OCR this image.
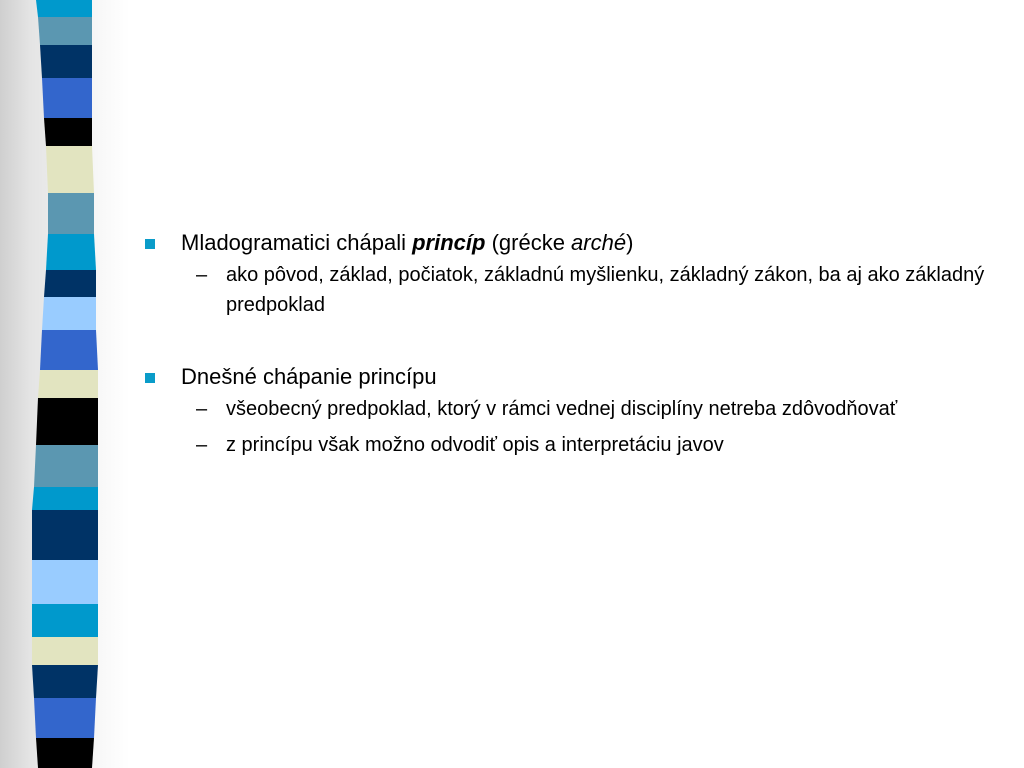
Mladogramatici chápali princíp (grécke arché)
– ako pôvod, základ, počiatok, základnú myšlienku, základný zákon, ba aj ako základný predpoklad
Dnešné chápanie princípu
– všeobecný predpoklad, ktorý v rámci vednej disciplíny netreba zdôvodňovať
– z princípu však možno odvodiť opis a interpretáciu javov
